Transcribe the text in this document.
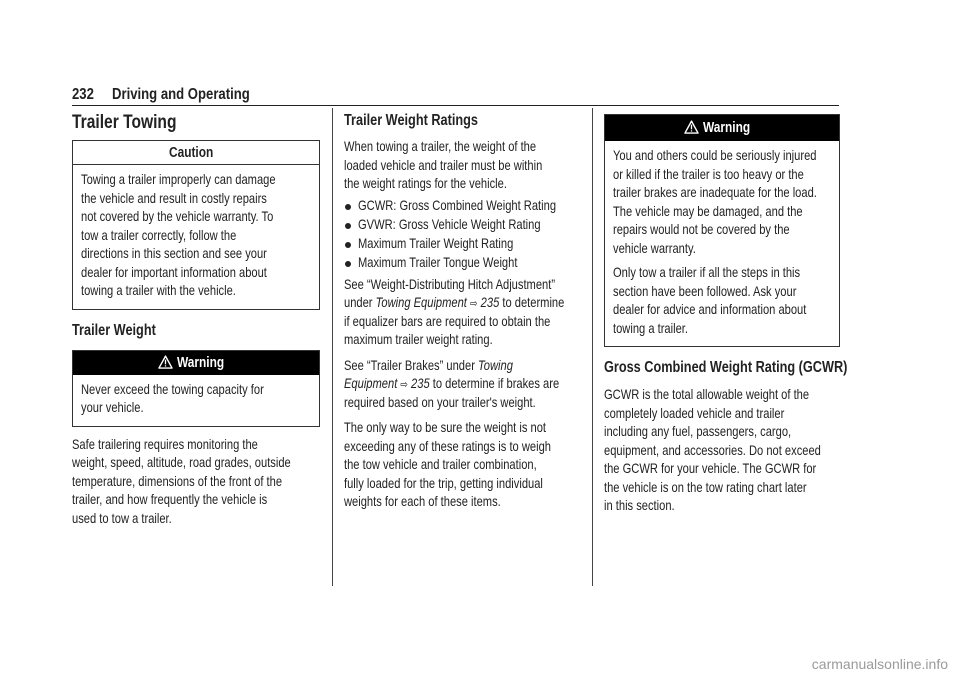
232 Driving and Operating
Trailer Towing
Caution
Towing a trailer improperly can damage
the vehicle and result in costly repairs
not covered by the vehicle warranty. To
tow a trailer correctly, follow the
directions in this section and see your
dealer for important information about
towing a trailer with the vehicle.
Trailer Weight
Warning
Never exceed the towing capacity for
your vehicle.
Safe trailering requires monitoring the
weight, speed, altitude, road grades, outside
temperature, dimensions of the front of the
trailer, and how frequently the vehicle is
used to tow a trailer.
Trailer Weight Ratings
When towing a trailer, the weight of the
loaded vehicle and trailer must be within
the weight ratings for the vehicle.
GCWR: Gross Combined Weight Rating
GVWR: Gross Vehicle Weight Rating
Maximum Trailer Weight Rating
Maximum Trailer Tongue Weight
See “Weight-Distributing Hitch Adjustment”
under Towing Equipment ⇨ 235 to determine
if equalizer bars are required to obtain the
maximum trailer weight rating.
See “Trailer Brakes” under Towing
Equipment ⇨ 235 to determine if brakes are
required based on your trailer's weight.
The only way to be sure the weight is not
exceeding any of these ratings is to weigh
the tow vehicle and trailer combination,
fully loaded for the trip, getting individual
weights for each of these items.
Warning
You and others could be seriously injured
or killed if the trailer is too heavy or the
trailer brakes are inadequate for the load.
The vehicle may be damaged, and the
repairs would not be covered by the
vehicle warranty.
Only tow a trailer if all the steps in this
section have been followed. Ask your
dealer for advice and information about
towing a trailer.
Gross Combined Weight Rating (GCWR)
GCWR is the total allowable weight of the
completely loaded vehicle and trailer
including any fuel, passengers, cargo,
equipment, and accessories. Do not exceed
the GCWR for your vehicle. The GCWR for
the vehicle is on the tow rating chart later
in this section.
carmanualsonline.info
